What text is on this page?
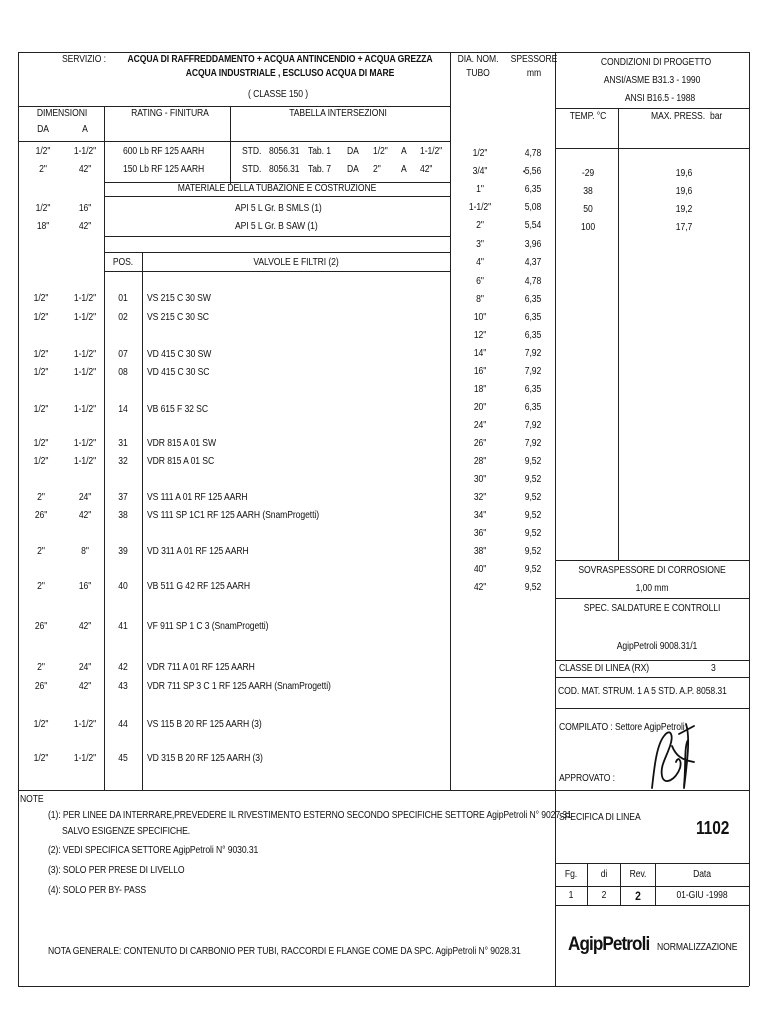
SERVIZIO : ACQUA DI RAFFREDDAMENTO + ACQUA ANTINCENDIO + ACQUA GREZZA
ACQUA INDUSTRIALE , ESCLUSO ACQUA DI MARE
( CLASSE 150 )
DIA. NOM.
TUBO
SPESSORE
mm
CONDIZIONI DI PROGETTO
ANSI/ASME B31.3 - 1990
ANSI B16.5 - 1988
DIMENSIONI
DA	A
RATING - FINITURA	TABELLA INTERSEZIONI	TEMP. °C	MAX. PRESS. bar
1/2" 1-1/2"	600 Lb RF 125 AARH	STD. 8056.31 Tab. 1 DA 1/2" A 1-1/2"
2"	42"	150 Lb RF 125 AARH	STD. 8056.31 Tab. 7 DA 2" A 42"
MATERIALE DELLA TUBAZIONE E COSTRUZIONE
1/2"	16"	API 5 L Gr. B SMLS (1)
18"	42"	API 5 L Gr. B SAW (1)
POS.	VALVOLE E FILTRI (2)
1/2"	1-1/2" 01 VS 215 C 30 SW
1/2"	1-1/2" 02 VS 215 C 30 SC
1/2"	1-1/2" 07 VD 415 C 30 SW
1/2"	1-1/2" 08 VD 415 C 30 SC
1/2"	1-1/2" 14 VB 615 F 32 SC
1/2"	1-1/2" 31 VDR 815 A 01 SW
1/2"	1-1/2" 32 VDR 815 A 01 SC
2"	24"	37 VS 111 A 01 RF 125 AARH
26"	42"	38 VS 111 SP 1C1 RF 125 AARH (SnamProgetti)
2"	8"	39 VD 311 A 01 RF 125 AARH
2"	16"	40 VB 511 G 42 RF 125 AARH
26"	42"	41 VF 911 SP 1 C 3 (SnamProgetti)
2"	24"	42 VDR 711 A 01 RF 125 AARH
26"	42"	43 VDR 711 SP 3 C 1 RF 125 AARH (SnamProgetti)
1/2"	1-1/2" 44 VS 115 B 20 RF 125 AARH (3)
1/2"	1-1/2" 45 VD 315 B 20 RF 125 AARH (3)
1/2"	4,78
3/4"	5,56
1"	6,35
1-1/2"	5,08
2"	5,54
3"	3,96
4"	4,37
6"	4,78
8"	6,35
10"	6,35
12"	6,35
14"	7,92
16"	7,92
18"	6,35
20"	6,35
24"	7,92
26"	7,92
28"	9,52
30"	9,52
32"	9,52
34"	9,52
36"	9,52
38"	9,52
40"	9,52
42"	9,52
-29	19,6
38	19,6
50	19,2
100	17,7
•
SOVRASPESSORE DI CORROSIONE
1,00 mm
SPEC. SALDATURE E CONTROLLI
AgipPetroli 9008.31/1
CLASSE DI LINEA (RX)	3
COD. MAT. STRUM. 1 A 5 STD. A.P. 8058.31
COMPILATO : Settore AgipPetroli
APPROVATO :
SPECIFICA DI LINEA
1102
Fg. di Rev.	Data
1	2 2	01-GIU -1998
AgipPetroli NORMALIZZAZIONE
NOTE
(1): PER LINEE DA INTERRARE,PREVEDERE IL RIVESTIMENTO ESTERNO SECONDO SPECIFICHE SETTORE AgipPetroli N° 9027.31
SALVO ESIGENZE SPECIFICHE.
(2): VEDI SPECIFICA SETTORE AgipPetroli N° 9030.31
(3): SOLO PER PRESE DI LIVELLO
(4): SOLO PER BY- PASS
NOTA GENERALE: CONTENUTO DI CARBONIO PER TUBI, RACCORDI E FLANGE COME DA SPC. AgipPetroli N° 9028.31
